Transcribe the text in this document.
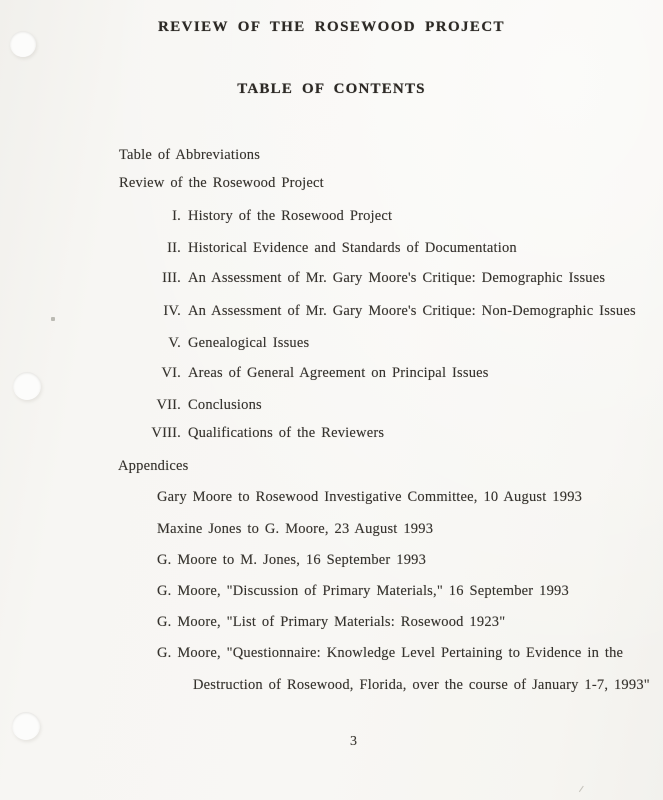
REVIEW OF THE ROSEWOOD PROJECT
TABLE OF CONTENTS
Table of Abbreviations
Review of the Rosewood Project
I. History of the Rosewood Project
II. Historical Evidence and Standards of Documentation
III. An Assessment of Mr. Gary Moore's Critique: Demographic Issues
IV. An Assessment of Mr. Gary Moore's Critique: Non-Demographic Issues
V. Genealogical Issues
VI. Areas of General Agreement on Principal Issues
VII. Conclusions
VIII. Qualifications of the Reviewers
Appendices
Gary Moore to Rosewood Investigative Committee, 10 August 1993
Maxine Jones to G. Moore, 23 August 1993
G. Moore to M. Jones, 16 September 1993
G. Moore, "Discussion of Primary Materials," 16 September 1993
G. Moore, "List of Primary Materials: Rosewood 1923"
G. Moore, "Questionnaire: Knowledge Level Pertaining to Evidence in the
Destruction of Rosewood, Florida, over the course of January 1-7, 1993"
3
